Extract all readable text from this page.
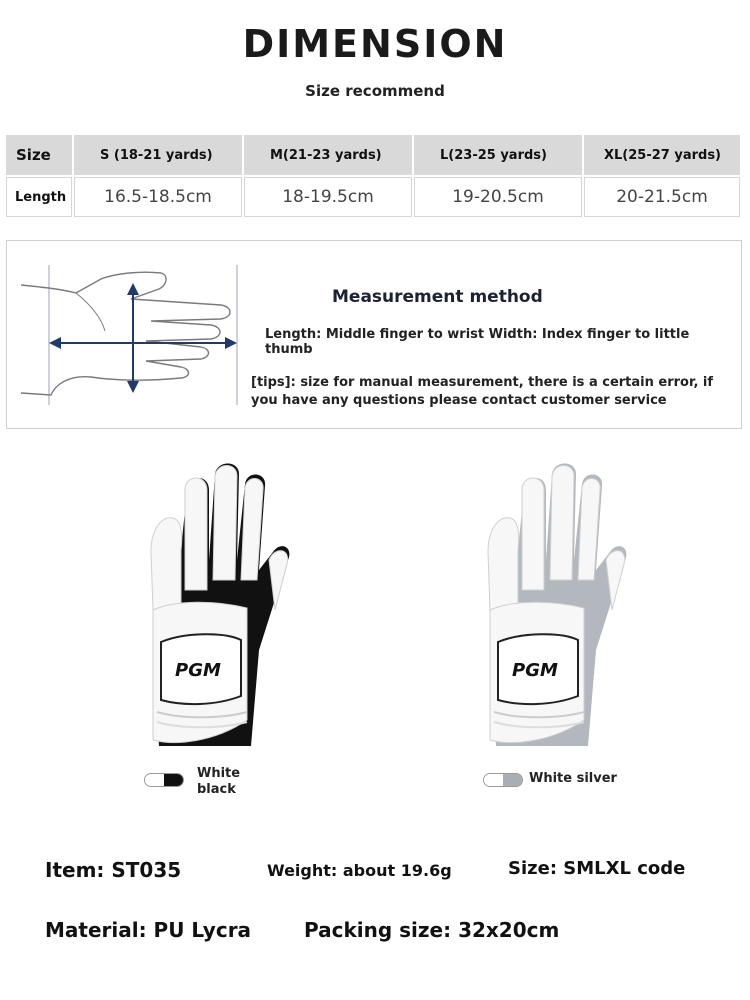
DIMENSION
Size recommend
Size	S (18-21 yards)	M(21-23 yards)	L(23-25 yards)	XL(25-27 yards)
Length	16.5-18.5cm	18-19.5cm	19-20.5cm	20-21.5cm
Measurement method
Length: Middle finger to wrist Width: Index finger to little thumb
[tips]: size for manual measurement, there is a certain error, if you have any questions please contact customer service
PGM	PGM
White black
White silver
Item: ST035	Weight: about 19.6g	Size: SMLXL code
Material: PU Lycra	Packing size: 32x20cm
